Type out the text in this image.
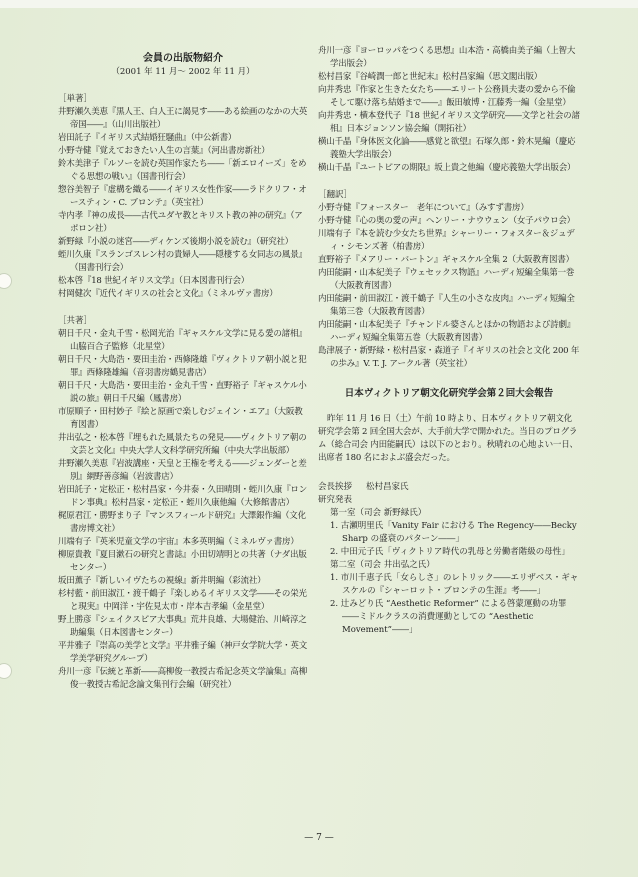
会員の出版物紹介

（2001 年 11 月～ 2002 年 11 月）

［単著］

井野瀬久美恵『黒人王、白人王に謁見す――ある絵画のなかの大英帝国――』（山川出版社）

岩田託子『イギリス式結婚狂騒曲』（中公新書）

小野寺健『覚えておきたい人生の言葉』（河出書房新社）

鈴木美津子『ルソーを読む英国作家たち――「新エロイーズ」をめぐる思想の戦い』（国書刊行会）

惣谷美智子『虚構を織る――イギリス女性作家――ラドクリフ・オースティン・C. ブロンテ』（英宝社）

寺内孝『神の成長――古代ユダヤ教とキリスト教の神の研究』（アポロン社）

新野緑『小説の迷宮――ディケンズ後期小説を読む』（研究社）

蛭川久康『スランゴスレン村の貴婦人――隠棲する女同志の風景』（国書刊行会）

松本啓『18 世紀イギリス文学』（日本図書刊行会）

村岡健次『近代イギリスの社会と文化』（ミネルヴァ書房）

［共著］

朝日千尺・金丸千雪・松岡光治『ギャスケル文学に見る愛の諸相』山脇百合子監修（北星堂）

朝日千尺・大島浩・要田圭治・西條隆雄『ヴィクトリア朝小説と犯罪』西條隆雄編（音羽書房鶴見書店）

朝日千尺・大島浩・要田圭治・金丸千雪・直野裕子『ギャスケル小説の旅』朝日千尺編（鳳書房）

市原順子・田村妙子『絵と原画で楽しむジェイン・エア』（大阪教育図書）

井出弘之・松本啓『埋もれた風景たちの発見――ヴィクトリア朝の文芸と文化』中央大学人文科学研究所編（中央大学出版部）

井野瀬久美恵『岩波講座・天皇と王権を考える――ジェンダーと差別』網野善彦編（岩波書店）

岩田託子・定松正・松村昌家・今井泰・久田晴則・蛭川久康『ロンドン事典』松村昌家・定松正・蛭川久康他編（大修館書店）

梶原君江・勝野まり子『マンスフィールド研究』大澤銀作編（文化書房博文社）

川端有子『英米児童文学の宇宙』本多英明編（ミネルヴァ書房）

柳原貴教『夏目漱石の研究と書誌』小田切靖明との共著（ナダ出版センター）

坂田薫子『新しいイヴたちの視線』新井明編（彩流社）

杉村藍・前田淑江・渡千鶴子『楽しめるイギリス文学――その栄光と現実』中岡洋・宇佐見太市・岸本吉孝編（金星堂）

野上勝彦『シェイクスピア大事典』荒井良雄、大場健治、川崎淳之助編集（日本図書センター）

平井雅子『崇高の美学と文学』平井雅子編（神戸女学院大学・英文学美学研究グループ）

舟川一彦『伝統と革新――高柳俊一教授古希記念英文学論集』高柳俊一教授古希記念論文集刊行会編（研究社）

舟川一彦『ヨーロッパをつくる思想』山本浩・高橋由美子編（上智大学出版会）

松村昌家『谷崎潤一郎と世紀末』松村昌家編（思文閣出版）

向井秀忠『作家と生きた女たち――エリート公務員夫妻の愛から不倫そして駆け落ち結婚まで――』飯田敏博・江藤秀一編（金星堂）

向井秀忠・横本登代子『18 世紀イギリス文学研究――文学と社会の諸相』日本ジョンソン協会編（開拓社）

横山千晶『身体医文化論――感覚と欲望』石塚久郎・鈴木晃編（慶応義塾大学出版会）

横山千晶『ユートピアの期限』坂上貴之他編（慶応義塾大学出版会）

［翻訳］

小野寺健『フォースター　老年について』（みすず書房）

小野寺健『心の奥の愛の声』ヘンリー・ナウウェン（女子パウロ会）

川端有子『本を読む少女たち世界』シャーリー・フォスター＆ジュディ・シモンズ著（柏書房）

直野裕子『メアリー・バートン』ギャスケル全集 2（大阪教育図書）

内田能嗣・山本紀美子『ウェセックス物語』ハーディ短編全集第一巻（大阪教育図書）

内田能嗣・前田淑江・渡千鶴子『人生の小さな皮肉』ハーディ短編全集第三巻（大阪教育図書）

内田能嗣・山本紀美子『チャンドル婆さんとほかの物語および詩劇』ハーディ短編全集第五巻（大阪教育図書）

島津展子・新野緑・松村昌家・森道子『イギリスの社会と文化 200 年の歩み』V. T. J. アークル著（英宝社）

日本ヴィクトリア朝文化研究学会第２回大会報告

昨年 11 月 16 日（土）午前 10 時より、日本ヴィクトリア朝文化研究学会第 2 回全国大会が、大手前大学で開かれた。当日のプログラム（総合司会 内田能嗣氏）は以下のとおり。秋晴れの心地よい一日、出席者 180 名におよぶ盛会だった。

会長挨拶 松村昌家氏

研究発表

第一室（司会 新野緑氏）

1. 古瀬明里氏「Vanity Fair における The Regency――Becky Sharp の盛衰のパターン――」

2. 中田元子氏「ヴィクトリア時代の乳母と労働者階級の母性」

第二室（司会 井出弘之氏）

1. 市川千恵子氏「女らしさ」のレトリック――エリザベス・ギャスケルの『シャーロット・ブロンテの生涯』考――」

2. 辻みどり氏 “Aesthetic Reformer” による啓蒙運動の功罪――ミドルクラスの消費運動としての “Aesthetic Movement”――」

— 7 —
